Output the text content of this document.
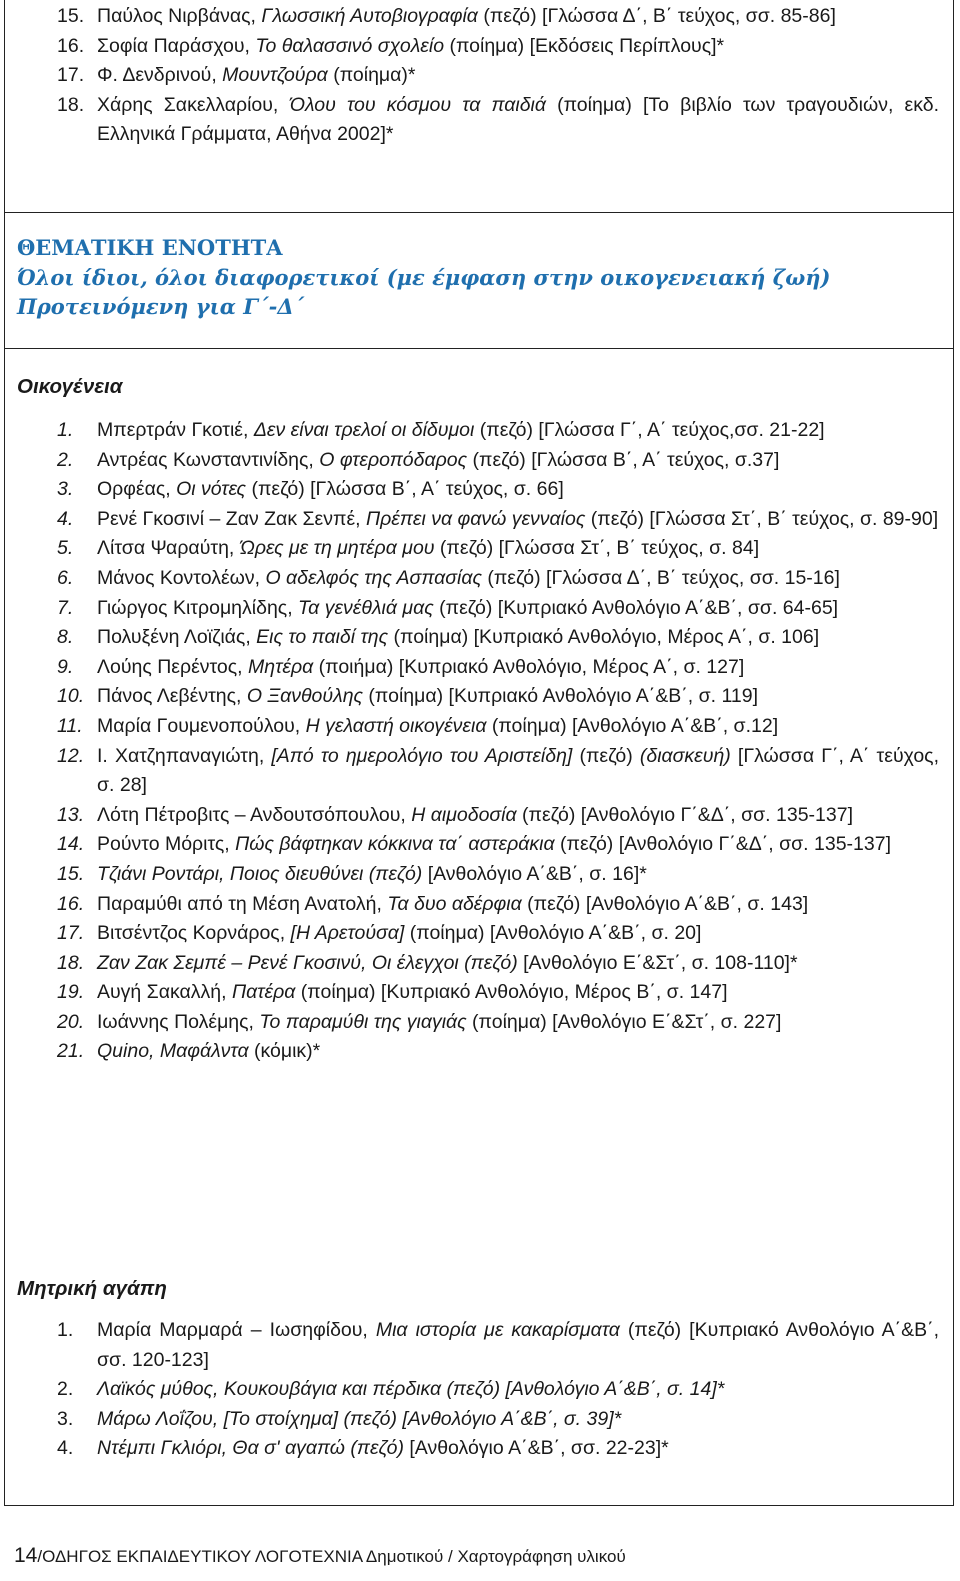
15. Παύλος Νιρβάνας, Γλωσσική Αυτοβιογραφία (πεζό) [Γλώσσα Δ΄, Β΄ τεύχος, σσ. 85-86]
16. Σοφία Παράσχου, Το θαλασσινό σχολείο (ποίημα) [Εκδόσεις Περίπλους]*
17. Φ. Δενδρινού, Μουντζούρα (ποίημα)*
18. Χάρης Σακελλαρίου, Όλου του κόσμου τα παιδιά (ποίημα) [Το βιβλίο των τραγουδιών, εκδ. Ελληνικά Γράμματα, Αθήνα 2002]*
ΘΕΜΑΤΙΚΗ ΕΝΟΤΗΤΑ
Όλοι ίδιοι, όλοι διαφορετικοί (με έμφαση στην οικογενειακή ζωή)
Προτεινόμενη για Γ΄-Δ΄
Οικογένεια
1. Μπερτράν Γκοτιέ, Δεν είναι τρελοί οι δίδυμοι (πεζό) [Γλώσσα Γ΄, Α΄ τεύχος,σσ. 21-22]
2. Αντρέας Κωνσταντινίδης, Ο φτεροπόδαρος (πεζό) [Γλώσσα Β΄, Α΄ τεύχος, σ.37]
3. Ορφέας, Οι νότες (πεζό) [Γλώσσα Β΄, Α΄ τεύχος, σ. 66]
4. Ρενέ Γκοσινί – Ζαν Ζακ Σενπέ, Πρέπει να φανώ γενναίος (πεζό) [Γλώσσα Στ΄, Β΄ τεύχος, σ. 89-90]
5. Λίτσα Ψαραύτη, Ώρες με τη μητέρα μου (πεζό) [Γλώσσα Στ΄, Β΄ τεύχος, σ. 84]
6. Μάνος Κοντολέων, Ο αδελφός της Ασπασίας (πεζό) [Γλώσσα Δ΄, Β΄ τεύχος, σσ. 15-16]
7. Γιώργος Κιτρομηλίδης, Τα γενέθλιά μας (πεζό) [Κυπριακό Ανθολόγιο Α΄&Β΄, σσ. 64-65]
8. Πολυξένη Λοϊζιάς, Εις το παιδί της (ποίημα) [Κυπριακό Ανθολόγιο, Μέρος Α΄, σ. 106]
9. Λούης Περέντος, Μητέρα (ποιήμα) [Κυπριακό Ανθολόγιο, Μέρος Α΄, σ. 127]
10. Πάνος Λεβέντης, Ο Ξανθούλης (ποίημα) [Κυπριακό Ανθολόγιο Α΄&Β΄, σ. 119]
11. Μαρία Γουμενοπούλου, Η γελαστή οικογένεια (ποίημα) [Ανθολόγιο Α΄&Β΄, σ.12]
12. Ι. Χατζηπαναγιώτη, [Από το ημερολόγιο του Αριστείδη] (πεζό) (διασκευή) [Γλώσσα Γ΄, Α΄ τεύχος, σ. 28]
13. Λότη Πέτροβιτς – Ανδουτσόπουλου, Η αιμοδοσία (πεζό) [Ανθολόγιο Γ΄&Δ΄, σσ. 135-137]
14. Ρούντο Μόριτς, Πώς βάφτηκαν κόκκινα τα΄ αστεράκια (πεζό) [Ανθολόγιο Γ΄&Δ΄, σσ. 135-137]
15. Τζιάνι Ροντάρι, Ποιος διευθύνει (πεζό) [Ανθολόγιο Α΄&Β΄, σ. 16]*
16. Παραμύθι από τη Μέση Ανατολή, Τα δυο αδέρφια (πεζό) [Ανθολόγιο Α΄&Β΄, σ. 143]
17. Βιτσέντζος Κορνάρος, [Η Αρετούσα] (ποίημα) [Ανθολόγιο Α΄&Β΄, σ. 20]
18. Ζαν Ζακ Σεμπέ – Ρενέ Γκοσινύ, Οι έλεγχοι (πεζό) [Ανθολόγιο Ε΄&Στ΄, σ. 108-110]*
19. Αυγή Σακαλλή, Πατέρα (ποίημα) [Κυπριακό Ανθολόγιο, Μέρος Β΄, σ. 147]
20. Ιωάννης Πολέμης, Το παραμύθι της γιαγιάς (ποίημα) [Ανθολόγιο Ε΄&Στ΄, σ. 227]
21. Quino, Μαφάλντα (κόμικ)*
Μητρική αγάπη
1. Μαρία Μαρμαρά – Ιωσηφίδου, Μια ιστορία με κακαρίσματα (πεζό) [Κυπριακό Ανθολόγιο Α΄&Β΄, σσ. 120-123]
2. Λαϊκός μύθος, Κουκουβάγια και πέρδικα (πεζό) [Ανθολόγιο Α΄&Β΄, σ. 14]*
3. Μάρω Λοΐζου, [Το στοίχημα] (πεζό) [Ανθολόγιο Α΄&Β΄, σ. 39]*
4. Ντέμπι Γκλιόρι, Θα σ' αγαπώ (πεζό) [Ανθολόγιο Α΄&Β΄, σσ. 22-23]*
14/ΟΔΗΓΟΣ ΕΚΠΑΙΔΕΥΤΙΚΟΥ ΛΟΓΟΤΕΧΝΙΑ Δημοτικού / Χαρτογράφηση υλικού
